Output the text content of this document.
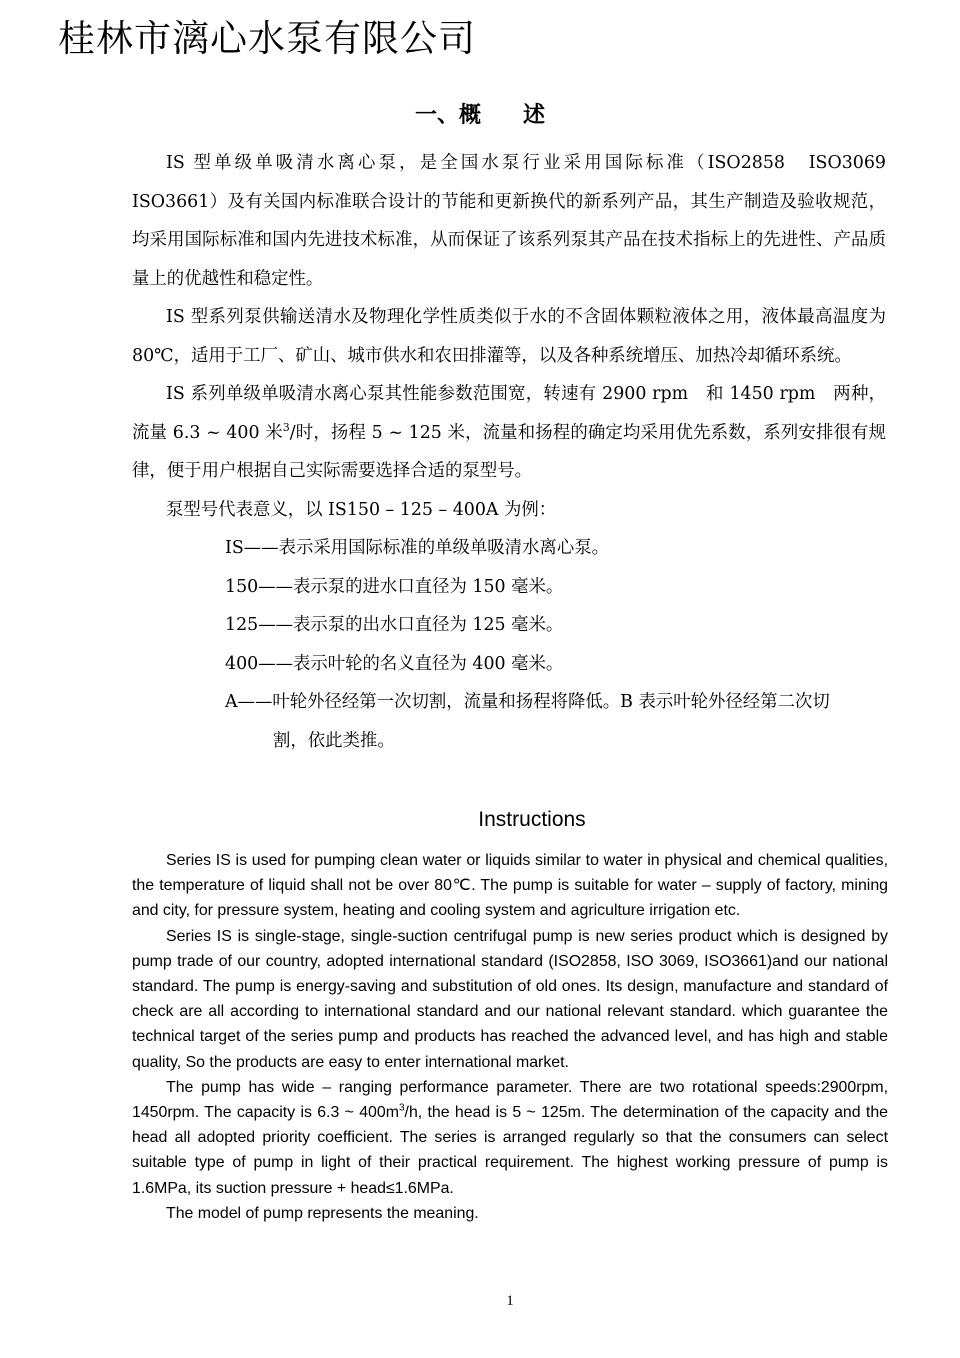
桂林市漓心水泵有限公司
一、概 述

IS 型单级单吸清水离心泵，是全国水泵行业采用国际标准（ISO2858　ISO3069 ISO3661）及有关国内标准联合设计的节能和更新换代的新系列产品，其生产制造及验收规范，均采用国际标准和国内先进技术标准，从而保证了该系列泵其产品在技术指标上的先进性、产品质量上的优越性和稳定性。

IS 型系列泵供输送清水及物理化学性质类似于水的不含固体颗粒液体之用，液体最高温度为 80℃，适用于工厂、矿山、城市供水和农田排灌等，以及各种系统增压、加热冷却循环系统。

IS 系列单级单吸清水离心泵其性能参数范围宽，转速有 2900 rpm　和 1450 rpm　两种，流量 6.3 ~ 400 米$^3$/时，扬程 5 ~ 125 米，流量和扬程的确定均采用优先系数，系列安排很有规律，便于用户根据自己实际需要选择合适的泵型号。

泵型号代表意义，以 IS150 – 125 – 400A 为例：

IS——表示采用国际标准的单级单吸清水离心泵。

150——表示泵的进水口直径为 150 毫米。

125——表示泵的出水口直径为 125 毫米。

400——表示叶轮的名义直径为 400 毫米。

A——叶轮外径经第一次切割，流量和扬程将降低。B 表示叶轮外径经第二次切

割，依此类推。

Instructions

Series IS is used for pumping clean water or liquids similar to water in physical and chemical qualities, the temperature of liquid shall not be over 80℃. The pump is suitable for water – supply of factory, mining and city, for pressure system, heating and cooling system and agriculture irrigation etc.

Series IS is single-stage, single-suction centrifugal pump is new series product which is designed by pump trade of our country, adopted international standard (ISO2858, ISO 3069, ISO3661)and our national standard. The pump is energy-saving and substitution of old ones. Its design, manufacture and standard of check are all according to international standard and our national relevant standard. which guarantee the technical target of the series pump and products has reached the advanced level, and has high and stable quality, So the products are easy to enter international market.

The pump has wide – ranging performance parameter. There are two rotational speeds:2900rpm, 1450rpm. The capacity is 6.3 ~ $400m^3/h$, the head is 5 ~ 125m. The determination of the capacity and the head all adopted priority coefficient. The series is arranged regularly so that the consumers can select suitable type of pump in light of their practical requirement. The highest working pressure of pump is 1.6MPa, its suction pressure + head≤1.6MPa.

The model of pump represents the meaning.

1
